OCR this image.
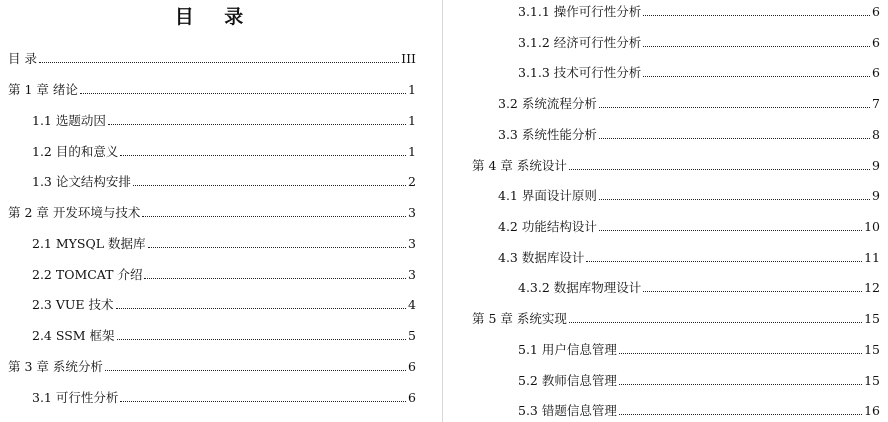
目 录
目 录	III
第 1 章 绪论	1
1.1 选题动因	1
1.2 目的和意义	1
1.3 论文结构安排	2
第 2 章 开发环境与技术	3
2.1 MYSQL 数据库	3
2.2 TOMCAT 介绍	3
2.3 VUE 技术	4
2.4 SSM 框架	5
第 3 章 系统分析	6
3.1 可行性分析	6
3.1.1 操作可行性分析	6
3.1.2 经济可行性分析	6
3.1.3 技术可行性分析	6
3.2 系统流程分析	7
3.3 系统性能分析	8
第 4 章 系统设计	9
4.1 界面设计原则	9
4.2 功能结构设计	10
4.3 数据库设计	11
4.3.2 数据库物理设计	12
第 5 章 系统实现	15
5.1 用户信息管理	15
5.2 教师信息管理	15
5.3 错题信息管理	16
